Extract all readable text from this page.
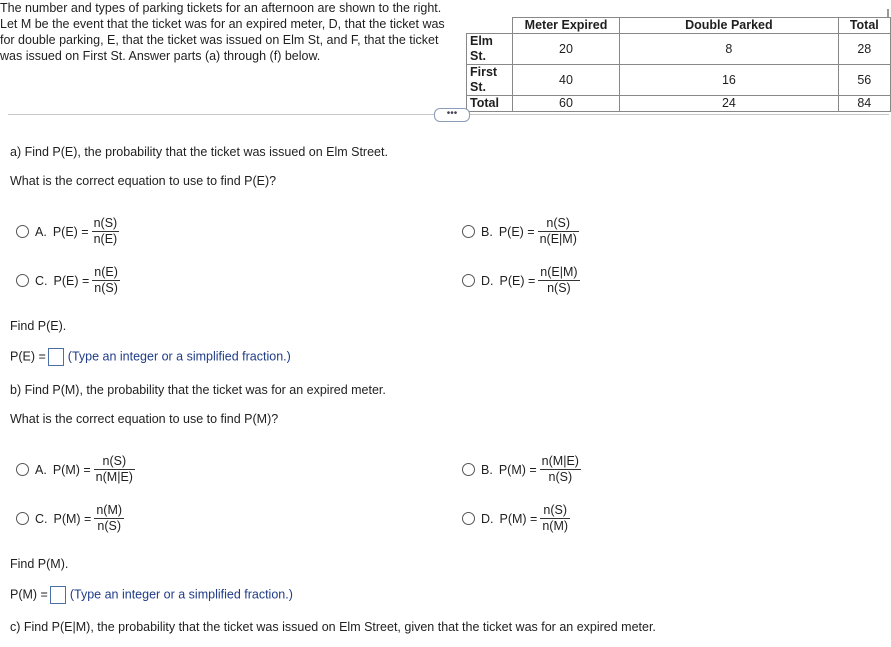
The number and types of parking tickets for an afternoon are shown to the right. Let M be the event that the ticket was for an expired meter, D, that the ticket was for double parking, E, that the ticket was issued on Elm St, and F, that the ticket was issued on First St. Answer parts (a) through (f) below.
	Meter Expired	Double Parked	Total
Elm St.	20	8	28
First St.	40	16	56
Total	60	24	84
•••
a) Find P(E), the probability that the ticket was issued on Elm Street.
What is the correct equation to use to find P(E)?
A. $P(E) = \frac{n(S)}{n(E)}$	B. $P(E) = \frac{n(S)}{n(E|M)}$
C. $P(E) = \frac{n(E)}{n(S)}$	D. $P(E) = \frac{n(E|M)}{n(S)}$
Find P(E).
P(E) = (Type an integer or a simplified fraction.)
b) Find P(M), the probability that the ticket was for an expired meter.
What is the correct equation to use to find P(M)?
A. $P(M) = \frac{n(S)}{n(M|E)}$	B. $P(M) = \frac{n(M|E)}{n(S)}$
C. $P(M) = \frac{n(M)}{n(S)}$	D. $P(M) = \frac{n(S)}{n(M)}$
Find P(M).
P(M) = (Type an integer or a simplified fraction.)
c) Find P(E|M), the probability that the ticket was issued on Elm Street, given that the ticket was for an expired meter.
